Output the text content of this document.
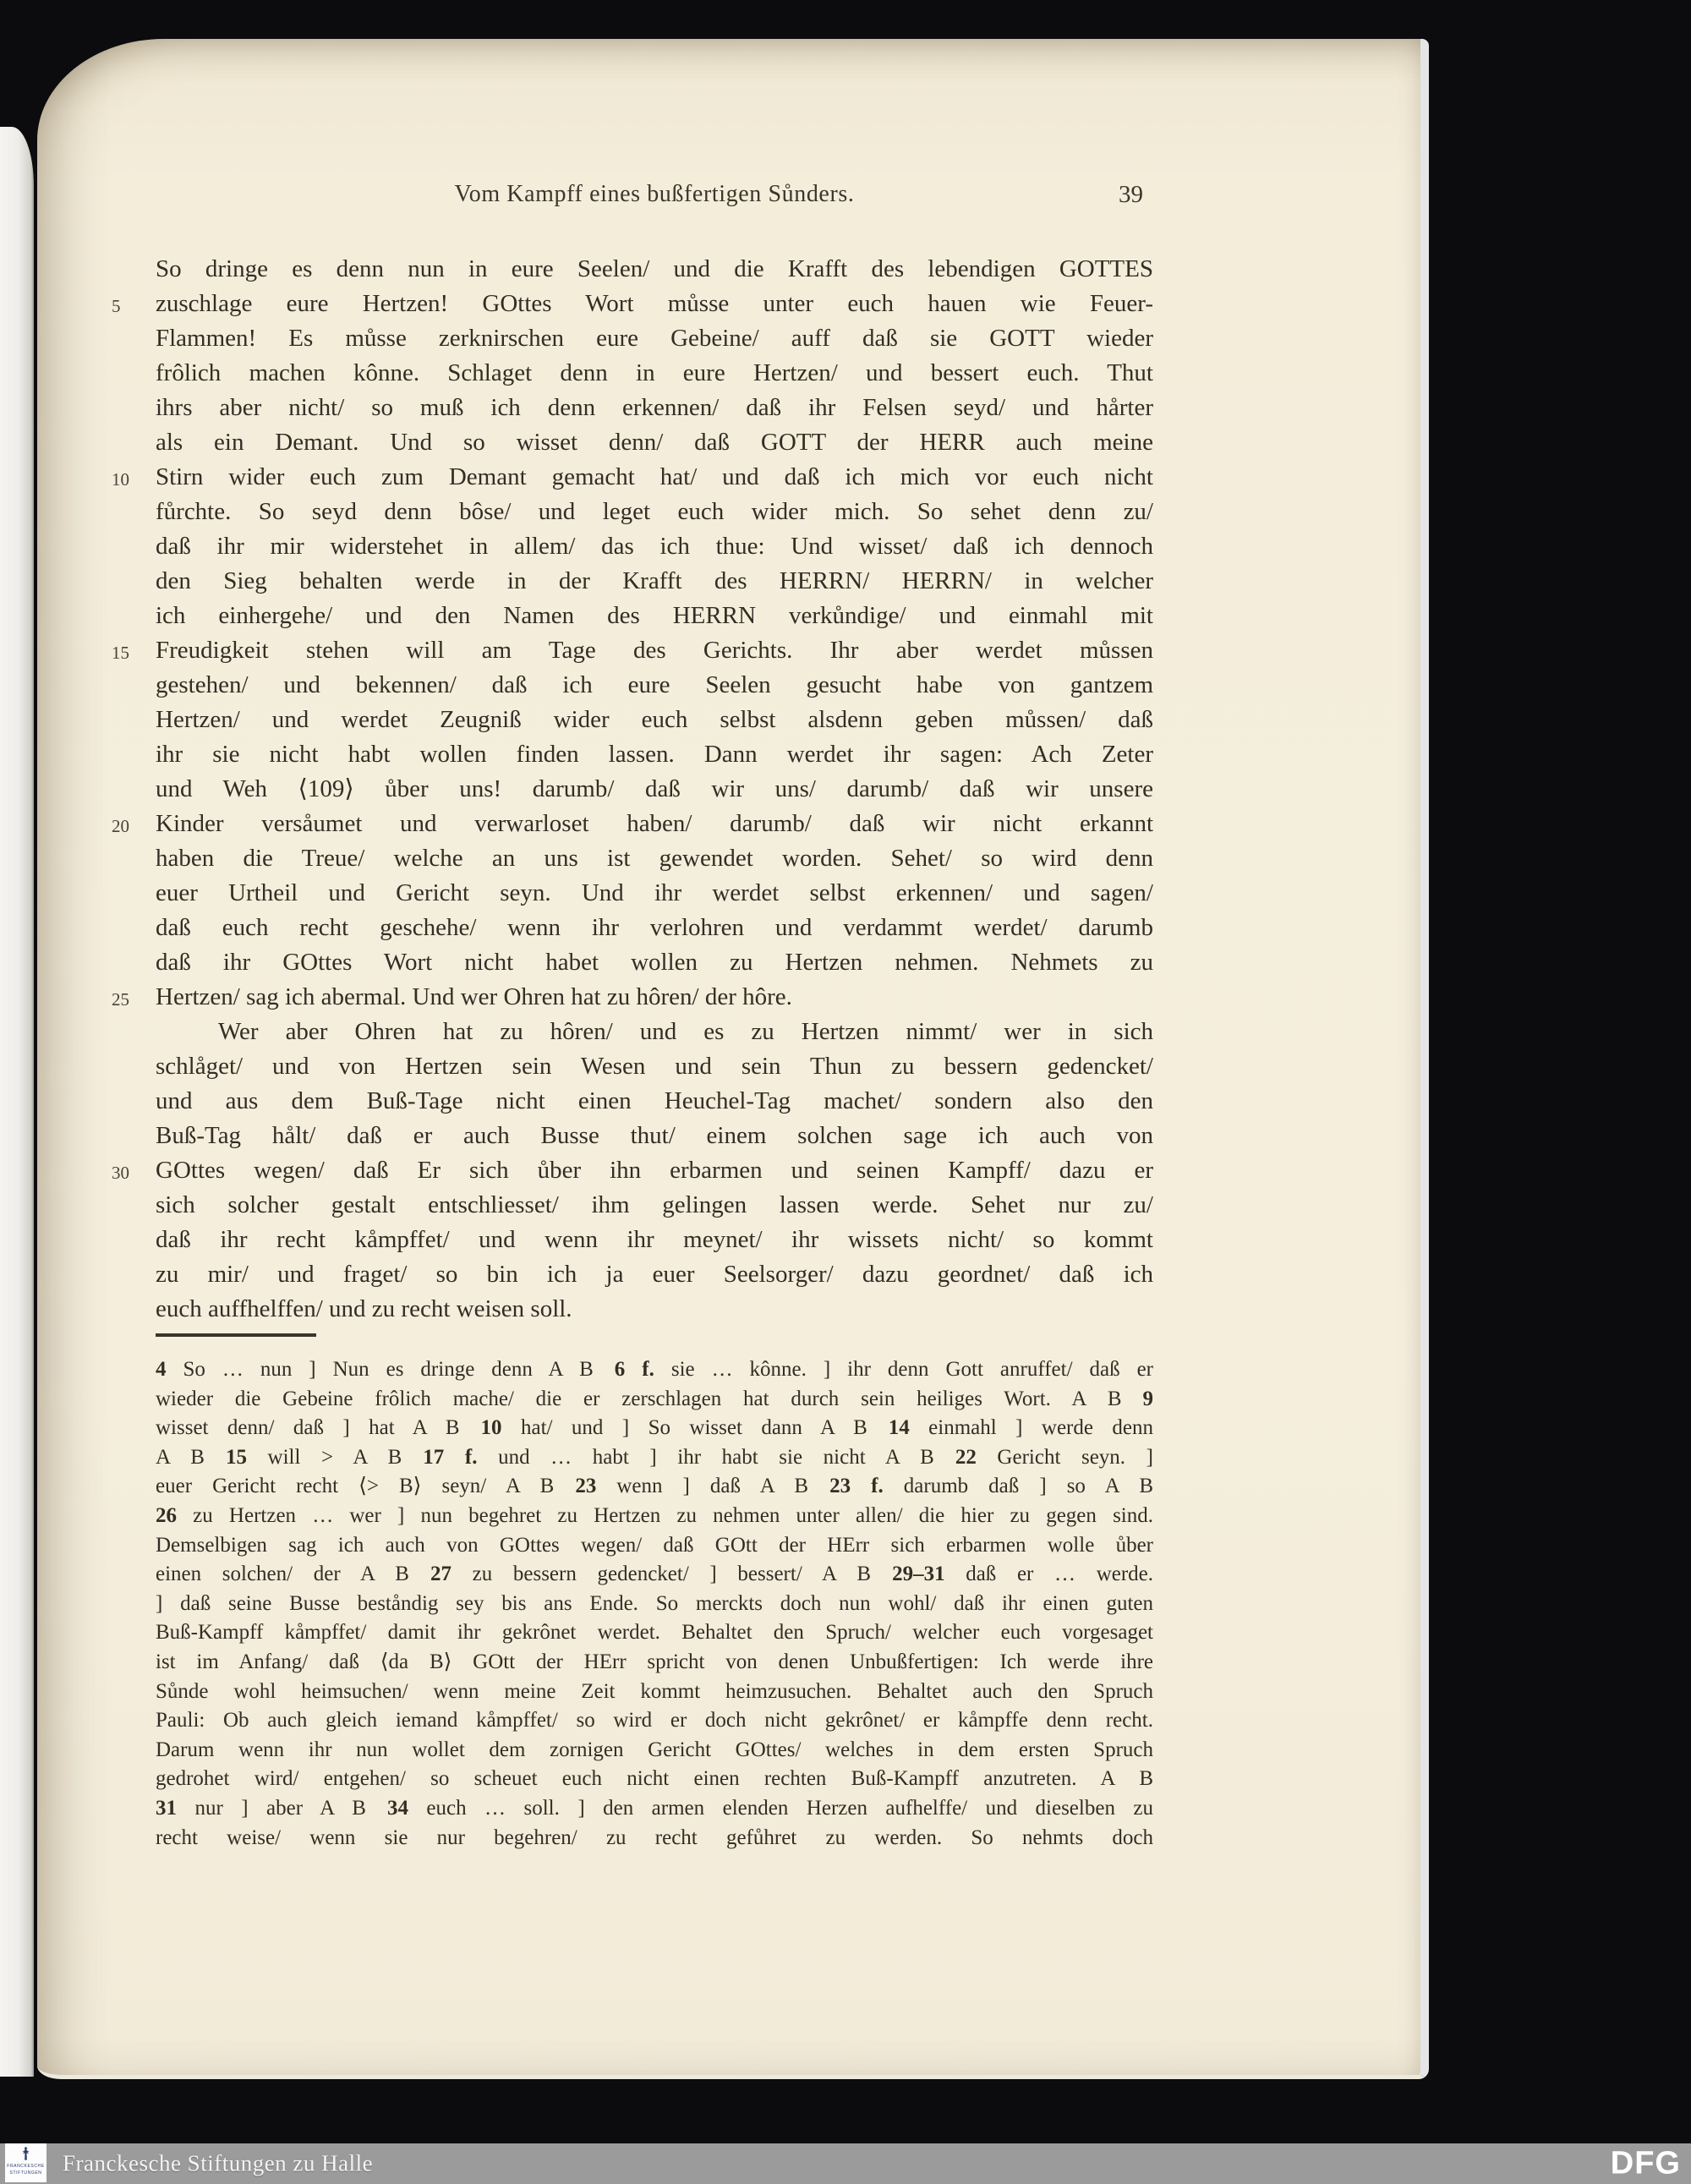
Vom Kampff eines bußfertigen Sůnders.	39
So dringe es denn nun in eure Seelen/ und die Krafft des lebendigen GOTTES
5	zuschlage eure Hertzen! GOttes Wort můsse unter euch hauen wie Feuer-
Flammen! Es můsse zerknirschen eure Gebeine/ auff daß sie GOTT wieder
frôlich machen kônne. Schlaget denn in eure Hertzen/ und bessert euch. Thut
ihrs aber nicht/ so muß ich denn erkennen/ daß ihr Felsen seyd/ und hårter
als ein Demant. Und so wisset denn/ daß GOTT der HERR auch meine
10	Stirn wider euch zum Demant gemacht hat/ und daß ich mich vor euch nicht
fůrchte. So seyd denn bôse/ und leget euch wider mich. So sehet denn zu/
daß ihr mir widerstehet in allem/ das ich thue: Und wisset/ daß ich dennoch
den Sieg behalten werde in der Krafft des HERRN/ HERRN/ in welcher
ich einhergehe/ und den Namen des HERRN verkůndige/ und einmahl mit
15	Freudigkeit stehen will am Tage des Gerichts. Ihr aber werdet můssen
gestehen/ und bekennen/ daß ich eure Seelen gesucht habe von gantzem
Hertzen/ und werdet Zeugniß wider euch selbst alsdenn geben můssen/ daß
ihr sie nicht habt wollen finden lassen. Dann werdet ihr sagen: Ach Zeter
und Weh ⟨109⟩ ůber uns! darumb/ daß wir uns/ darumb/ daß wir unsere
20	Kinder versåumet und verwarloset haben/ darumb/ daß wir nicht erkannt
haben die Treue/ welche an uns ist gewendet worden. Sehet/ so wird denn
euer Urtheil und Gericht seyn. Und ihr werdet selbst erkennen/ und sagen/
daß euch recht geschehe/ wenn ihr verlohren und verdammt werdet/ darumb
daß ihr GOttes Wort nicht habet wollen zu Hertzen nehmen. Nehmets zu
25	Hertzen/ sag ich abermal. Und wer Ohren hat zu hôren/ der hôre.
Wer aber Ohren hat zu hôren/ und es zu Hertzen nimmt/ wer in sich
schlåget/ und von Hertzen sein Wesen und sein Thun zu bessern gedencket/
und aus dem Buß-Tage nicht einen Heuchel-Tag machet/ sondern also den
Buß-Tag hålt/ daß er auch Busse thut/ einem solchen sage ich auch von
30	GOttes wegen/ daß Er sich ůber ihn erbarmen und seinen Kampff/ dazu er
sich solcher gestalt entschliesset/ ihm gelingen lassen werde. Sehet nur zu/
daß ihr recht kåmpffet/ und wenn ihr meynet/ ihr wissets nicht/ so kommt
zu mir/ und fraget/ so bin ich ja euer Seelsorger/ dazu geordnet/ daß ich
euch auffhelffen/ und zu recht weisen soll.
4 So … nun ] Nun es dringe denn A B  6 f. sie … kônne. ] ihr denn Gott anruffet/ daß er
wieder die Gebeine frôlich mache/ die er zerschlagen hat durch sein heiliges Wort. A B  9
wisset denn/ daß ] hat A B  10 hat/ und ] So wisset dann A B  14 einmahl ] werde denn
A B  15 will > A B  17 f. und … habt ] ihr habt sie nicht A B  22 Gericht seyn. ]
euer Gericht recht ⟨> B⟩ seyn/ A B  23 wenn ] daß A B  23 f. darumb daß ] so A B
26 zu Hertzen … wer ] nun begehret zu Hertzen zu nehmen unter allen/ die hier zu gegen sind.
Demselbigen sag ich auch von GOttes wegen/ daß GOtt der HErr sich erbarmen wolle ůber
einen solchen/ der A B  27 zu bessern gedencket/ ] bessert/ A B  29–31 daß er … werde.
] daß seine Busse beståndig sey bis ans Ende. So merckts doch nun wohl/ daß ihr einen guten
Buß-Kampff kåmpffet/ damit ihr gekrônet werdet. Behaltet den Spruch/ welcher euch vorgesaget
ist im Anfang/ daß ⟨da B⟩ GOtt der HErr spricht von denen Unbußfertigen: Ich werde ihre
Sůnde wohl heimsuchen/ wenn meine Zeit kommt heimzusuchen. Behaltet auch den Spruch
Pauli: Ob auch gleich iemand kåmpffet/ so wird er doch nicht gekrônet/ er kåmpffe denn recht.
Darum wenn ihr nun wollet dem zornigen Gericht GOttes/ welches in dem ersten Spruch
gedrohet wird/ entgehen/ so scheuet euch nicht einen rechten Buß-Kampff anzutreten. A B
31 nur ] aber A B  34 euch … soll. ] den armen elenden Herzen aufhelffe/ und dieselben zu
recht weise/ wenn sie nur begehren/ zu recht gefůhret zu werden. So nehmts doch
FRANCKESCHE
STIFTUNGEN Franckesche Stiftungen zu Halle	DFG
